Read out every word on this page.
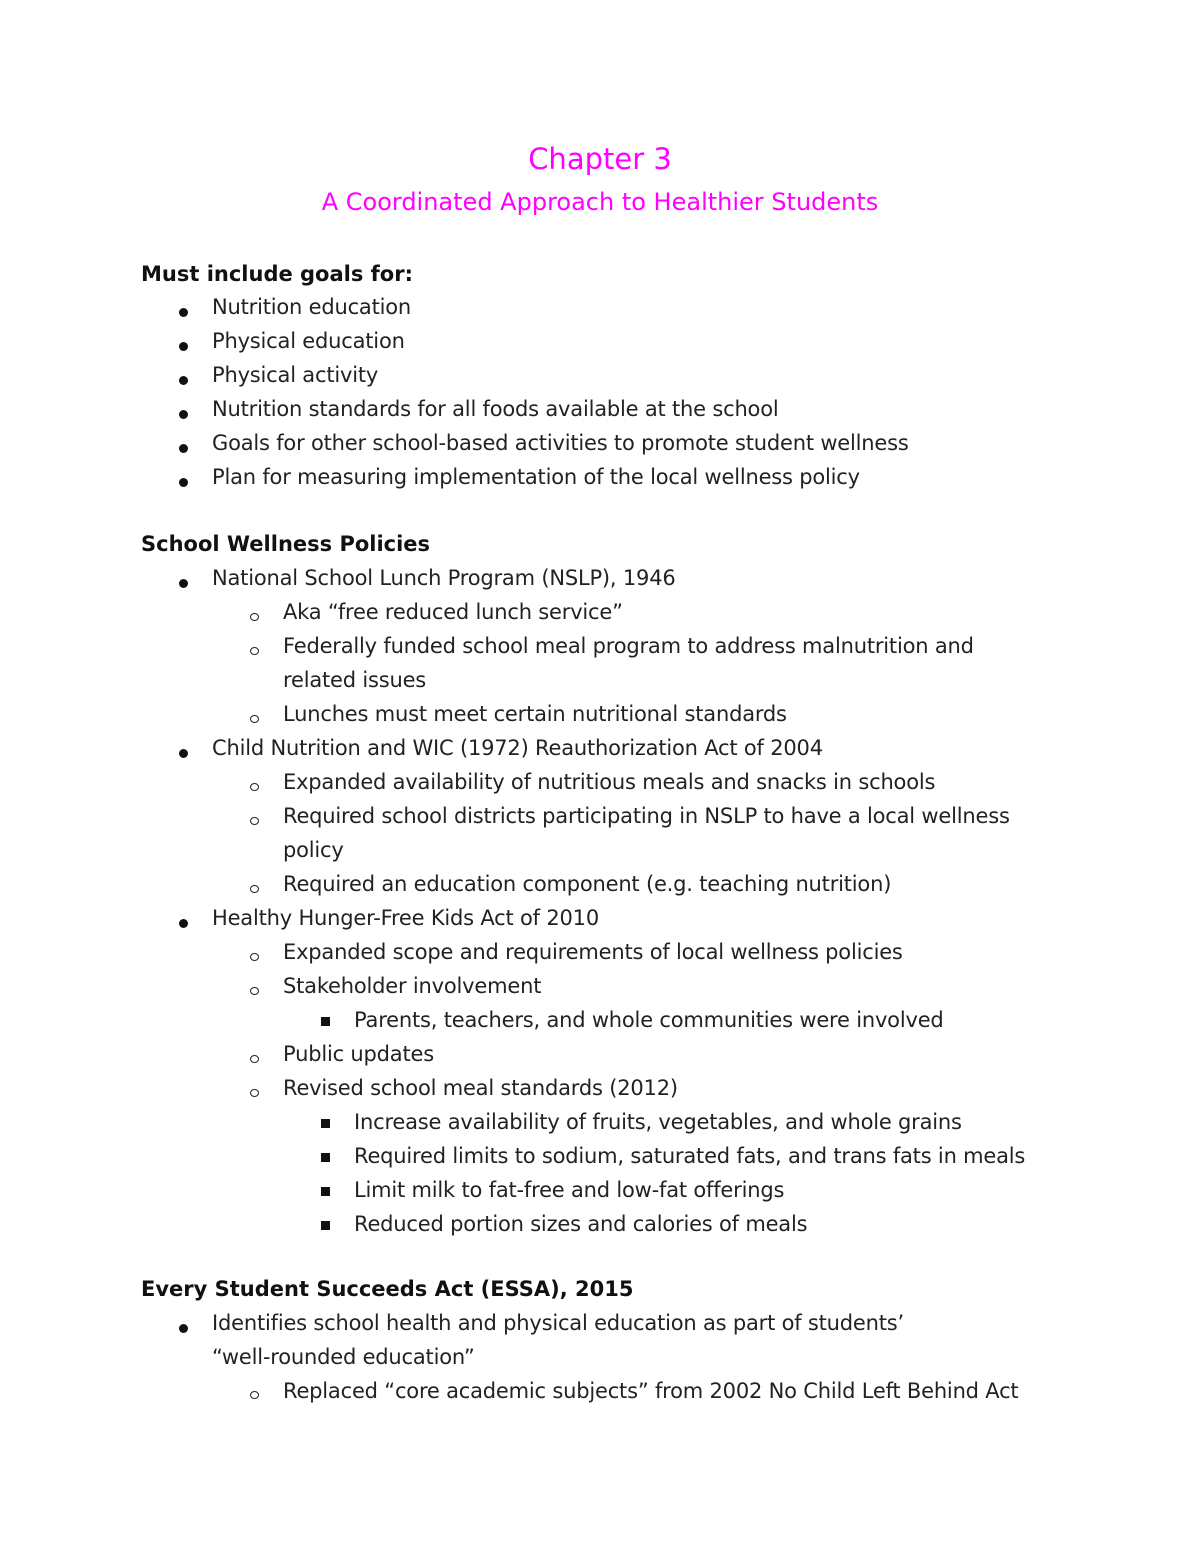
Chapter 3
A Coordinated Approach to Healthier Students
Must include goals for:
Nutrition education
Physical education
Physical activity
Nutrition standards for all foods available at the school
Goals for other school-based activities to promote student wellness
Plan for measuring implementation of the local wellness policy
School Wellness Policies
National School Lunch Program (NSLP), 1946
Aka “free reduced lunch service”
Federally funded school meal program to address malnutrition and
related issues
Lunches must meet certain nutritional standards
Child Nutrition and WIC (1972) Reauthorization Act of 2004
Expanded availability of nutritious meals and snacks in schools
Required school districts participating in NSLP to have a local wellness
policy
Required an education component (e.g. teaching nutrition)
Healthy Hunger-Free Kids Act of 2010
Expanded scope and requirements of local wellness policies
Stakeholder involvement
Parents, teachers, and whole communities were involved
Public updates
Revised school meal standards (2012)
Increase availability of fruits, vegetables, and whole grains
Required limits to sodium, saturated fats, and trans fats in meals
Limit milk to fat-free and low-fat offerings
Reduced portion sizes and calories of meals
Every Student Succeeds Act (ESSA), 2015
Identifies school health and physical education as part of students’
“well-rounded education”
Replaced “core academic subjects” from 2002 No Child Left Behind Act
